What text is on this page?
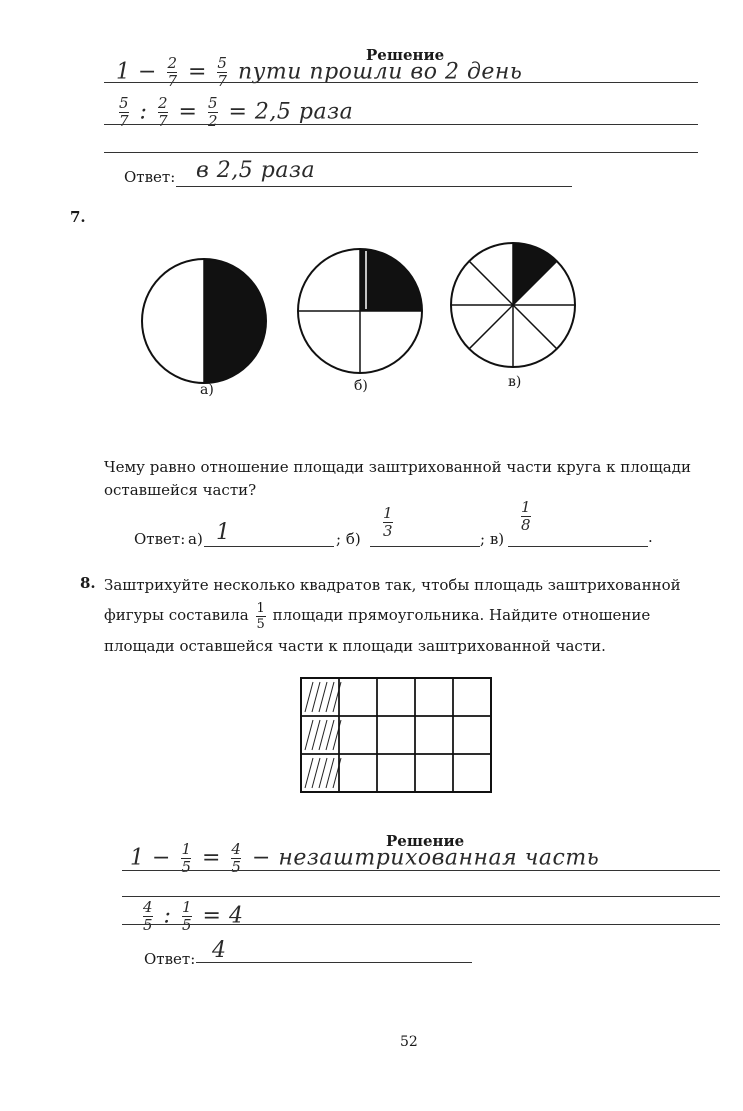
Решение
$1 - \frac{2}{7} = \frac{5}{7}$ пути прошли во 2 день
$\frac{5}{7}$ : $\frac{2}{7} = \frac{5}{2} = 2,5$ раза
Ответ: в 2,5 раза
7.
а)	б)	в)
Чему равно отношение площади заштрихованной части круга к площади оставшейся части?
Ответ: а) 1	; $б) \frac{1}{3}$	; в)
$\frac{1}{8}$
.
8. Заштрихуйте несколько квадратов так, чтобы площадь заштрихованной фигуры составила $\frac{1}{5}$ площади прямоугольника. Найдите отношение площади оставшейся части к площади заштрихованной части.
Решение
$1 - \frac{1}{5} = \frac{4}{5}$ − незаштрихованная часть
$\frac{4}{5}$ : $\frac{1}{5} = 4$
Ответ: 4
52
